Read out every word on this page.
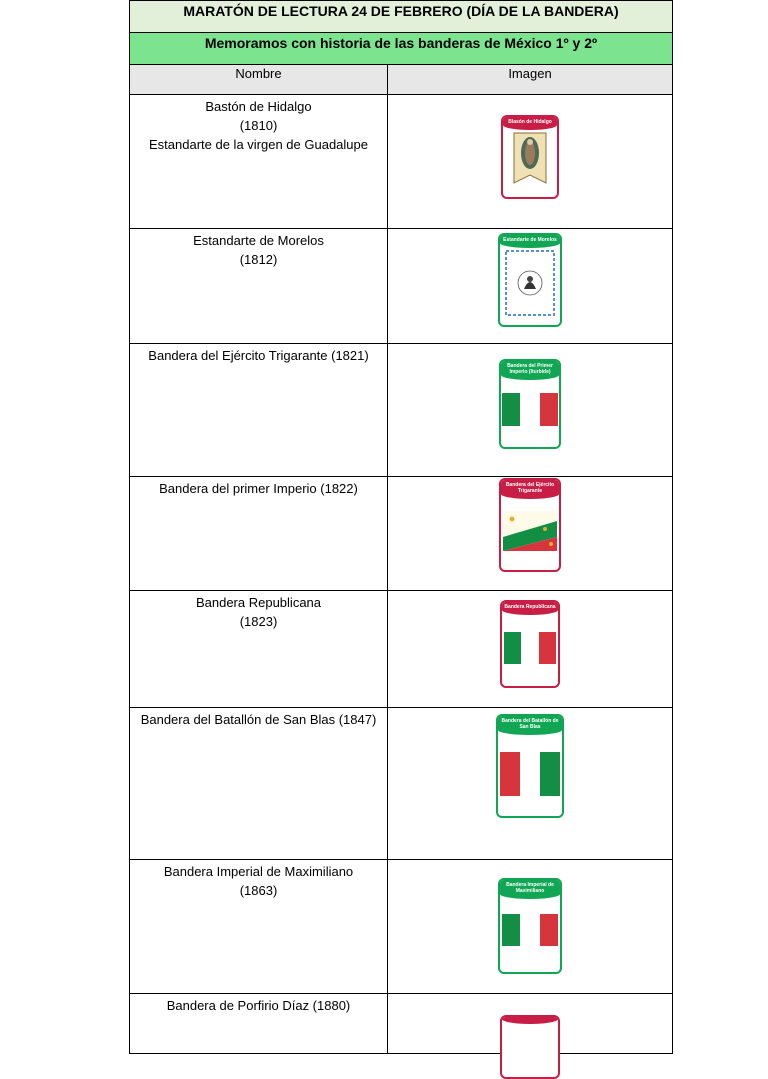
MARATÓN DE LECTURA 24 DE FEBRERO (DÍA DE LA BANDERA)	
Memoramos con historia de las banderas de México 1º y 2º	
Nombre	Imagen

Bastón de Hidalgo
(1810)
Estandarte de la virgen de Guadalupe	Blasón de Hidalgo

Estandarte de Morelos
(1812)	Estandarte de Morelos

Bandera del Ejército Trigarante (1821)	Bandera del Primer Imperio (Iturbide)

Bandera del primer Imperio (1822)	Bandera del Ejército Trigarante

Bandera Republicana
(1823)	Bandera Republicana

Bandera del Batallón de San Blas (1847)	Bandera del Batallón de San Blas

Bandera Imperial de Maximiliano
(1863)	Bandera Imperial de Maximiliano

Bandera de Porfirio Díaz (1880)	
